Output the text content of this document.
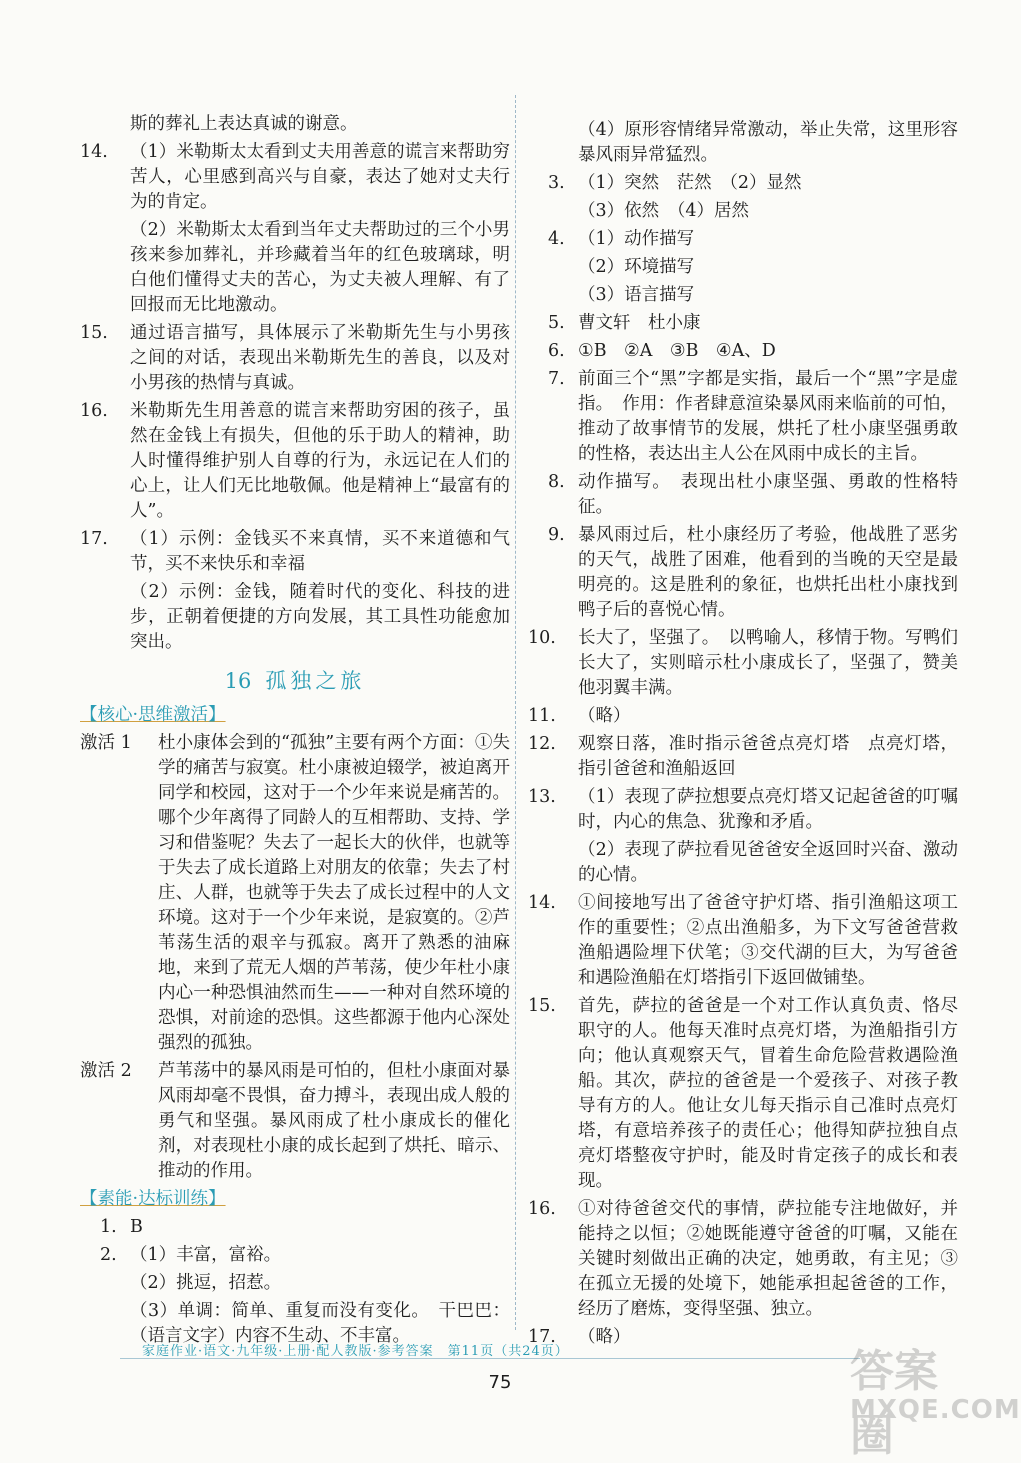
斯的葬礼上表达真诚的谢意。
14. （1）米勒斯太太看到丈夫用善意的谎言来帮助穷苦人，心里感到高兴与自豪，表达了她对丈夫行为的肯定。
（2）米勒斯太太看到当年丈夫帮助过的三个小男孩来参加葬礼，并珍藏着当年的红色玻璃球，明白他们懂得丈夫的苦心，为丈夫被人理解、有了回报而无比地激动。
15. 通过语言描写，具体展示了米勒斯先生与小男孩之间的对话，表现出米勒斯先生的善良，以及对小男孩的热情与真诚。
16. 米勒斯先生用善意的谎言来帮助穷困的孩子，虽然在金钱上有损失，但他的乐于助人的精神，助人时懂得维护别人自尊的行为，永远记在人们的心上，让人们无比地敬佩。他是精神上“最富有的人”。
17. （1）示例：金钱买不来真情，买不来道德和气节，买不来快乐和幸福
（2）示例：金钱，随着时代的变化、科技的进步，正朝着便捷的方向发展，其工具性功能愈加突出。
16 孤独之旅
【核心·思维激活】
激活 1 杜小康体会到的“孤独”主要有两个方面：①失学的痛苦与寂寞。杜小康被迫辍学，被迫离开同学和校园，这对于一个少年来说是痛苦的。哪个少年离得了同龄人的互相帮助、支持、学习和借鉴呢？失去了一起长大的伙伴，也就等于失去了成长道路上对朋友的依靠；失去了村庄、人群，也就等于失去了成长过程中的人文环境。这对于一个少年来说，是寂寞的。②芦苇荡生活的艰辛与孤寂。离开了熟悉的油麻地，来到了荒无人烟的芦苇荡，使少年杜小康内心一种恐惧油然而生——一种对自然环境的恐惧，对前途的恐惧。这些都源于他内心深处强烈的孤独。
激活 2 芦苇荡中的暴风雨是可怕的，但杜小康面对暴风雨却毫不畏惧，奋力搏斗，表现出成人般的勇气和坚强。暴风雨成了杜小康成长的催化剂，对表现杜小康的成长起到了烘托、暗示、推动的作用。
【素能·达标训练】
1. B
2. （1）丰富，富裕。
（2）挑逗，招惹。
（3）单调：简单、重复而没有变化。　干巴巴：（语言文字）内容不生动、不丰富。
（4）原形容情绪异常激动，举止失常，这里形容暴风雨异常猛烈。
3. （1）突然　茫然　（2）显然
（3）依然　（4）居然
4. （1）动作描写
（2）环境描写
（3）语言描写
5. 曹文轩　杜小康
6. ①B　②A　③B　④A、D
7. 前面三个“黑”字都是实指，最后一个“黑”字是虚指。　作用：作者肆意渲染暴风雨来临前的可怕，推动了故事情节的发展，烘托了杜小康坚强勇敢的性格，表达出主人公在风雨中成长的主旨。
8. 动作描写。　表现出杜小康坚强、勇敢的性格特征。
9. 暴风雨过后，杜小康经历了考验，他战胜了恶劣的天气，战胜了困难，他看到的当晚的天空是最明亮的。这是胜利的象征，也烘托出杜小康找到鸭子后的喜悦心情。
10. 长大了，坚强了。　以鸭喻人，移情于物。写鸭们长大了，实则暗示杜小康成长了，坚强了，赞美他羽翼丰满。
11. （略）
12. 观察日落，准时指示爸爸点亮灯塔　点亮灯塔，指引爸爸和渔船返回
13. （1）表现了萨拉想要点亮灯塔又记起爸爸的叮嘱时，内心的焦急、犹豫和矛盾。
（2）表现了萨拉看见爸爸安全返回时兴奋、激动的心情。
14. ①间接地写出了爸爸守护灯塔、指引渔船这项工作的重要性；②点出渔船多，为下文写爸爸营救渔船遇险埋下伏笔；③交代湖的巨大，为写爸爸和遇险渔船在灯塔指引下返回做铺垫。
15. 首先，萨拉的爸爸是一个对工作认真负责、恪尽职守的人。他每天准时点亮灯塔，为渔船指引方向；他认真观察天气，冒着生命危险营救遇险渔船。其次，萨拉的爸爸是一个爱孩子、对孩子教导有方的人。他让女儿每天指示自己准时点亮灯塔，有意培养孩子的责任心；他得知萨拉独自点亮灯塔整夜守护时，能及时肯定孩子的成长和表现。
16. ①对待爸爸交代的事情，萨拉能专注地做好，并能持之以恒；②她既能遵守爸爸的叮嘱，又能在关键时刻做出正确的决定，她勇敢，有主见；③在孤立无援的处境下，她能承担起爸爸的工作，经历了磨炼，变得坚强、独立。
17. （略）
家庭作业·语文·九年级·上册·配人教版·参考答案　第11页（共24页）
75	答案圈
MXQE.COM
